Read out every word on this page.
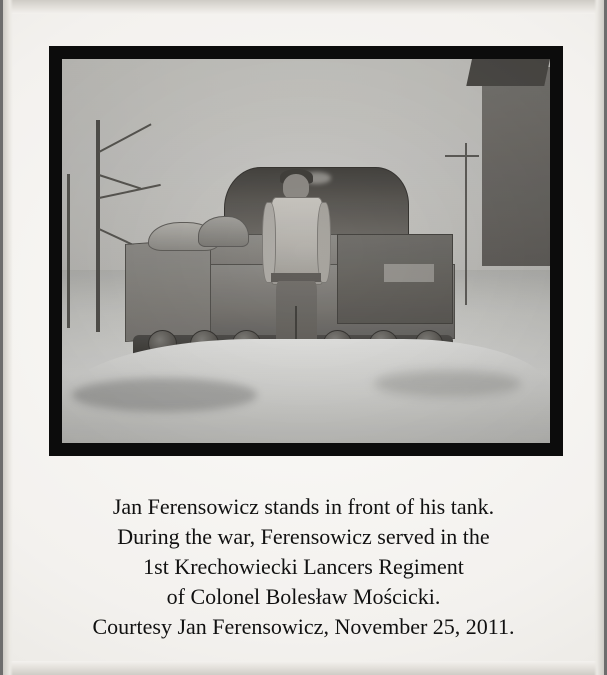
Jan Ferensowicz stands in front of his tank.
During the war, Ferensowicz served in the
1st Krechowiecki Lancers Regiment
of Colonel Bolesław Mościcki.
Courtesy Jan Ferensowicz, November 25, 2011.
